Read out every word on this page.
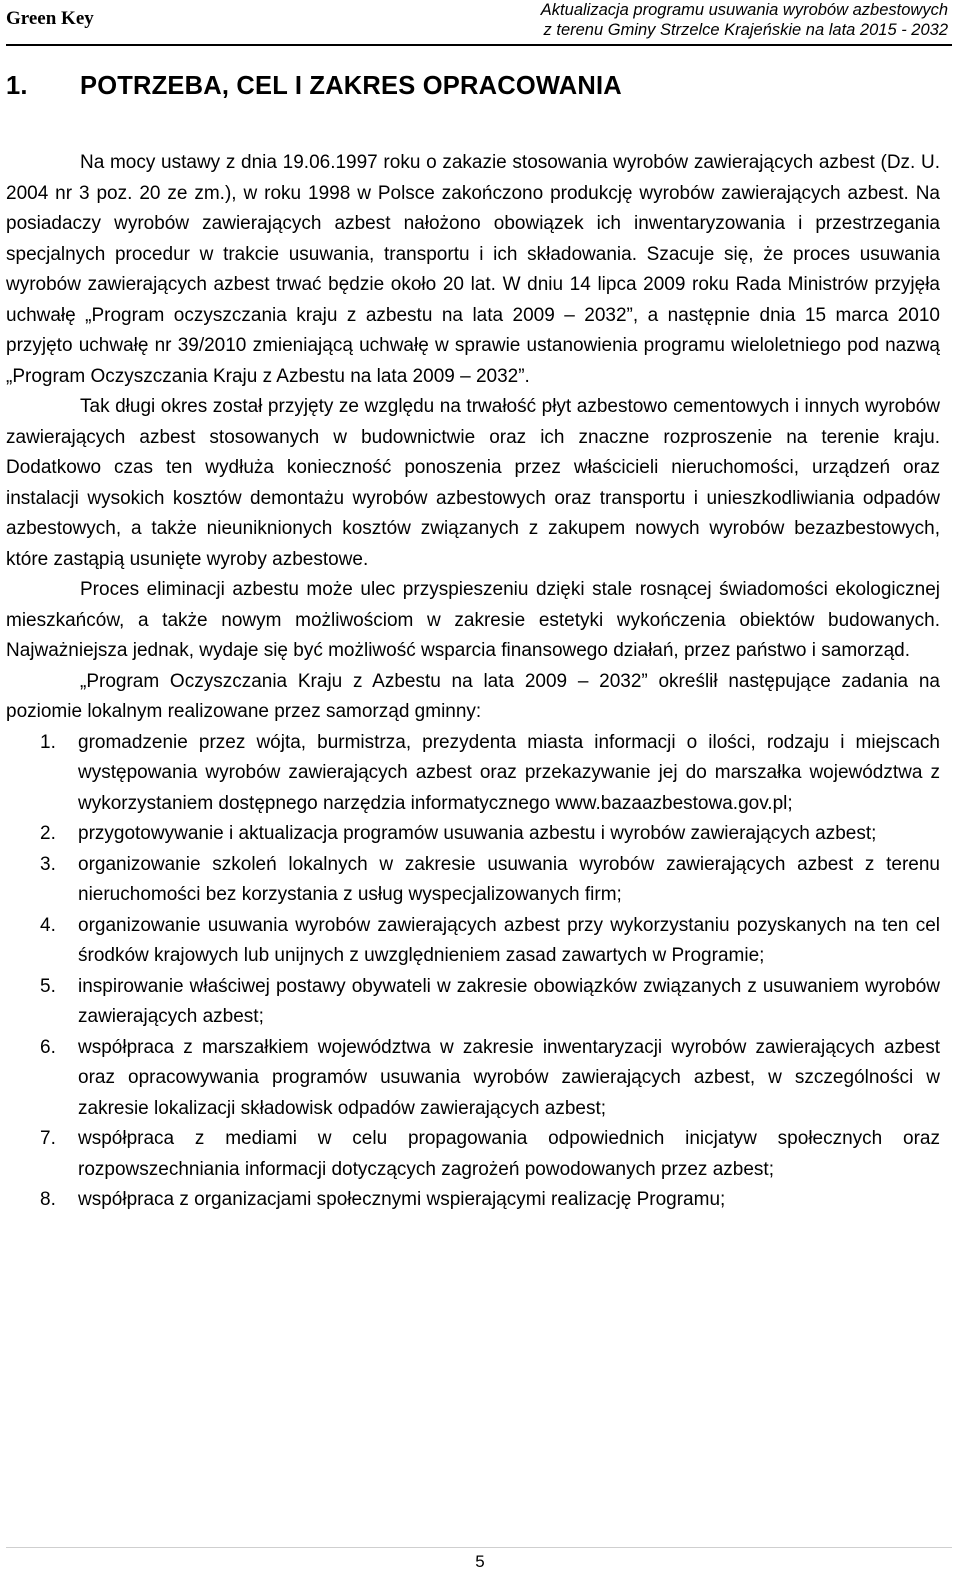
Green Key	Aktualizacja programu usuwania wyrobów azbestowych
z terenu Gminy Strzelce Krajeńskie na lata 2015 - 2032
1. POTRZEBA, CEL I ZAKRES OPRACOWANIA

Na mocy ustawy z dnia 19.06.1997 roku o zakazie stosowania wyrobów zawierających azbest (Dz. U. 2004 nr 3 poz. 20 ze zm.), w roku 1998 w Polsce zakończono produkcję wyrobów zawierających azbest. Na posiadaczy wyrobów zawierających azbest nałożono obowiązek ich inwentaryzowania i przestrzegania specjalnych procedur w trakcie usuwania, transportu i ich składowania. Szacuje się, że proces usuwania wyrobów zawierających azbest trwać będzie około 20 lat. W dniu 14 lipca 2009 roku Rada Ministrów przyjęła uchwałę „Program oczyszczania kraju z azbestu na lata 2009 – 2032”, a następnie dnia 15 marca 2010 przyjęto uchwałę nr 39/2010 zmieniającą uchwałę w sprawie ustanowienia programu wieloletniego pod nazwą „Program Oczyszczania Kraju z Azbestu na lata 2009 – 2032”.

Tak długi okres został przyjęty ze względu na trwałość płyt azbestowo cementowych i innych wyrobów zawierających azbest stosowanych w budownictwie oraz ich znaczne rozproszenie na terenie kraju. Dodatkowo czas ten wydłuża konieczność ponoszenia przez właścicieli nieruchomości, urządzeń oraz instalacji wysokich kosztów demontażu wyrobów azbestowych oraz transportu i unieszkodliwiania odpadów azbestowych, a także nieuniknionych kosztów związanych z zakupem nowych wyrobów bezazbestowych, które zastąpią usunięte wyroby azbestowe.

Proces eliminacji azbestu może ulec przyspieszeniu dzięki stale rosnącej świadomości ekologicznej mieszkańców, a także nowym możliwościom w zakresie estetyki wykończenia obiektów budowanych. Najważniejsza jednak, wydaje się być możliwość wsparcia finansowego działań, przez państwo i samorząd.

„Program Oczyszczania Kraju z Azbestu na lata 2009 – 2032” określił następujące zadania na poziomie lokalnym realizowane przez samorząd gminny:

1. gromadzenie przez wójta, burmistrza, prezydenta miasta informacji o ilości, rodzaju i miejscach występowania wyrobów zawierających azbest oraz przekazywanie jej do marszałka województwa z wykorzystaniem dostępnego narzędzia informatycznego www.bazaazbestowa.gov.pl;
2. przygotowywanie i aktualizacja programów usuwania azbestu i wyrobów zawierających azbest;
3. organizowanie szkoleń lokalnych w zakresie usuwania wyrobów zawierających azbest z terenu nieruchomości bez korzystania z usług wyspecjalizowanych firm;
4. organizowanie usuwania wyrobów zawierających azbest przy wykorzystaniu pozyskanych na ten cel środków krajowych lub unijnych z uwzględnieniem zasad zawartych w Programie;
5. inspirowanie właściwej postawy obywateli w zakresie obowiązków związanych z usuwaniem wyrobów zawierających azbest;
6. współpraca z marszałkiem województwa w zakresie inwentaryzacji wyrobów zawierających azbest oraz opracowywania programów usuwania wyrobów zawierających azbest, w szczególności w zakresie lokalizacji składowisk odpadów zawierających azbest;
7. współpraca z mediami w celu propagowania odpowiednich inicjatyw społecznych oraz rozpowszechniania informacji dotyczących zagrożeń powodowanych przez azbest;
8. współpraca z organizacjami społecznymi wspierającymi realizację Programu;
5
